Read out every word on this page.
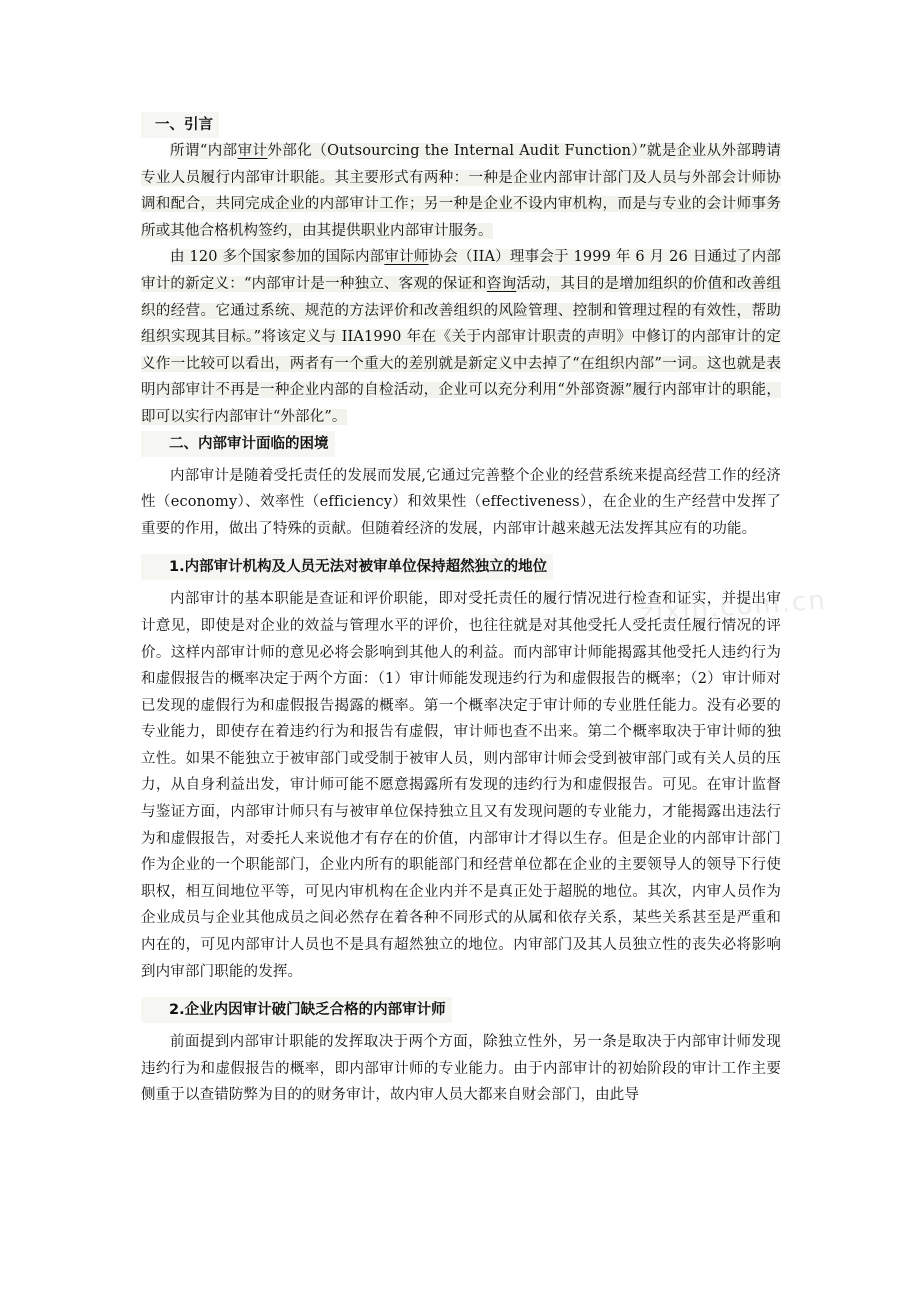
一、引言

所谓“内部审计外部化（Outsourcing the Internal Audit Function）”就是企业从外部聘请专业人员履行内部审计职能。其主要形式有两种：一种是企业内部审计部门及人员与外部会计师协调和配合，共同完成企业的内部审计工作；另一种是企业不设内审机构，而是与专业的会计师事务所或其他合格机构签约，由其提供职业内部审计服务。

由 120 多个国家参加的国际内部审计师协会（IIA）理事会于 1999 年 6 月 26 日通过了内部审计的新定义：“内部审计是一种独立、客观的保证和咨询活动，其目的是增加组织的价值和改善组织的经营。它通过系统、规范的方法评价和改善组织的风险管理、控制和管理过程的有效性，帮助组织实现其目标。”将该定义与 IIA1990 年在《关于内部审计职责的声明》中修订的内部审计的定义作一比较可以看出，两者有一个重大的差别就是新定义中去掉了“在组织内部”一词。这也就是表明内部审计不再是一种企业内部的自检活动，企业可以充分利用“外部资源”履行内部审计的职能，即可以实行内部审计“外部化”。

二、内部审计面临的困境

内部审计是随着受托责任的发展而发展,它通过完善整个企业的经营系统来提高经营工作的经济性（economy）、效率性（efficiency）和效果性（effectiveness），在企业的生产经营中发挥了重要的作用，做出了特殊的贡献。但随着经济的发展，内部审计越来越无法发挥其应有的功能。

1.内部审计机构及人员无法对被审单位保持超然独立的地位

内部审计的基本职能是查证和评价职能，即对受托责任的履行情况进行检查和证实，并提出审计意见，即使是对企业的效益与管理水平的评价，也往往就是对其他受托人受托责任履行情况的评价。这样内部审计师的意见必将会影响到其他人的利益。而内部审计师能揭露其他受托人违约行为和虚假报告的概率决定于两个方面：（1）审计师能发现违约行为和虚假报告的概率；（2）审计师对已发现的虚假行为和虚假报告揭露的概率。第一个概率决定于审计师的专业胜任能力。没有必要的专业能力，即使存在着违约行为和报告有虚假，审计师也查不出来。第二个概率取决于审计师的独立性。如果不能独立于被审部门或受制于被审人员，则内部审计师会受到被审部门或有关人员的压力，从自身利益出发，审计师可能不愿意揭露所有发现的违约行为和虚假报告。可见。在审计监督与鉴证方面，内部审计师只有与被审单位保持独立且又有发现问题的专业能力，才能揭露出违法行为和虚假报告，对委托人来说他才有存在的价值，内部审计才得以生存。但是企业的内部审计部门作为企业的一个职能部门，企业内所有的职能部门和经营单位都在企业的主要领导人的领导下行使职权，相互间地位平等，可见内审机构在企业内并不是真正处于超脱的地位。其次，内审人员作为企业成员与企业其他成员之间必然存在着各种不同形式的从属和依存关系，某些关系甚至是严重和内在的，可见内部审计人员也不是具有超然独立的地位。内审部门及其人员独立性的丧失必将影响到内审部门职能的发挥。

2.企业内因审计破门缺乏合格的内部审计师

前面提到内部审计职能的发挥取决于两个方面，除独立性外，另一条是取决于内部审计师发现违约行为和虚假报告的概率，即内部审计师的专业能力。由于内部审计的初始阶段的审计工作主要侧重于以查错防弊为目的的财务审计，故内审人员大都来自财会部门，由此导

zixin.com.cn
